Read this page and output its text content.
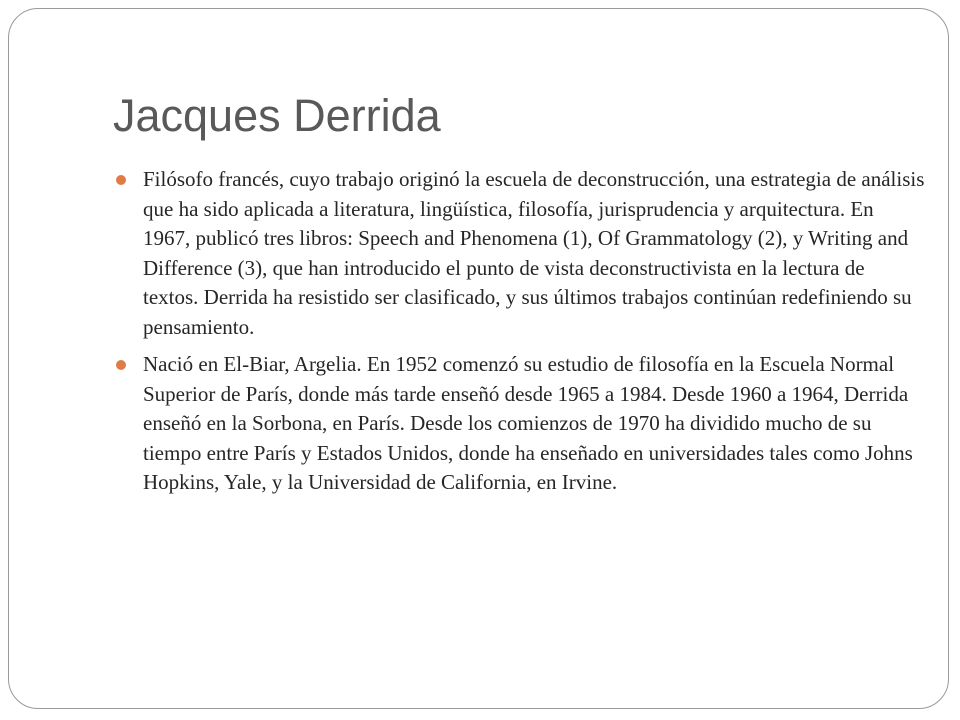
Jacques Derrida
Filósofo francés, cuyo trabajo originó la escuela de deconstrucción, una estrategia de análisis que ha sido aplicada a literatura, lingüística, filosofía, jurisprudencia y arquitectura. En 1967, publicó tres libros: Speech and Phenomena (1), Of Grammatology (2), y Writing and Difference (3), que han introducido el punto de vista deconstructivista en la lectura de textos. Derrida ha resistido ser clasificado, y sus últimos trabajos continúan redefiniendo su pensamiento.
Nació en El-Biar, Argelia. En 1952 comenzó su estudio de filosofía en la Escuela Normal Superior de París, donde más tarde enseñó desde 1965 a 1984. Desde 1960 a 1964, Derrida enseñó en la Sorbona, en París. Desde los comienzos de 1970 ha dividido mucho de su tiempo entre París y Estados Unidos, donde ha enseñado en universidades tales como Johns Hopkins, Yale, y la Universidad de California, en Irvine.
